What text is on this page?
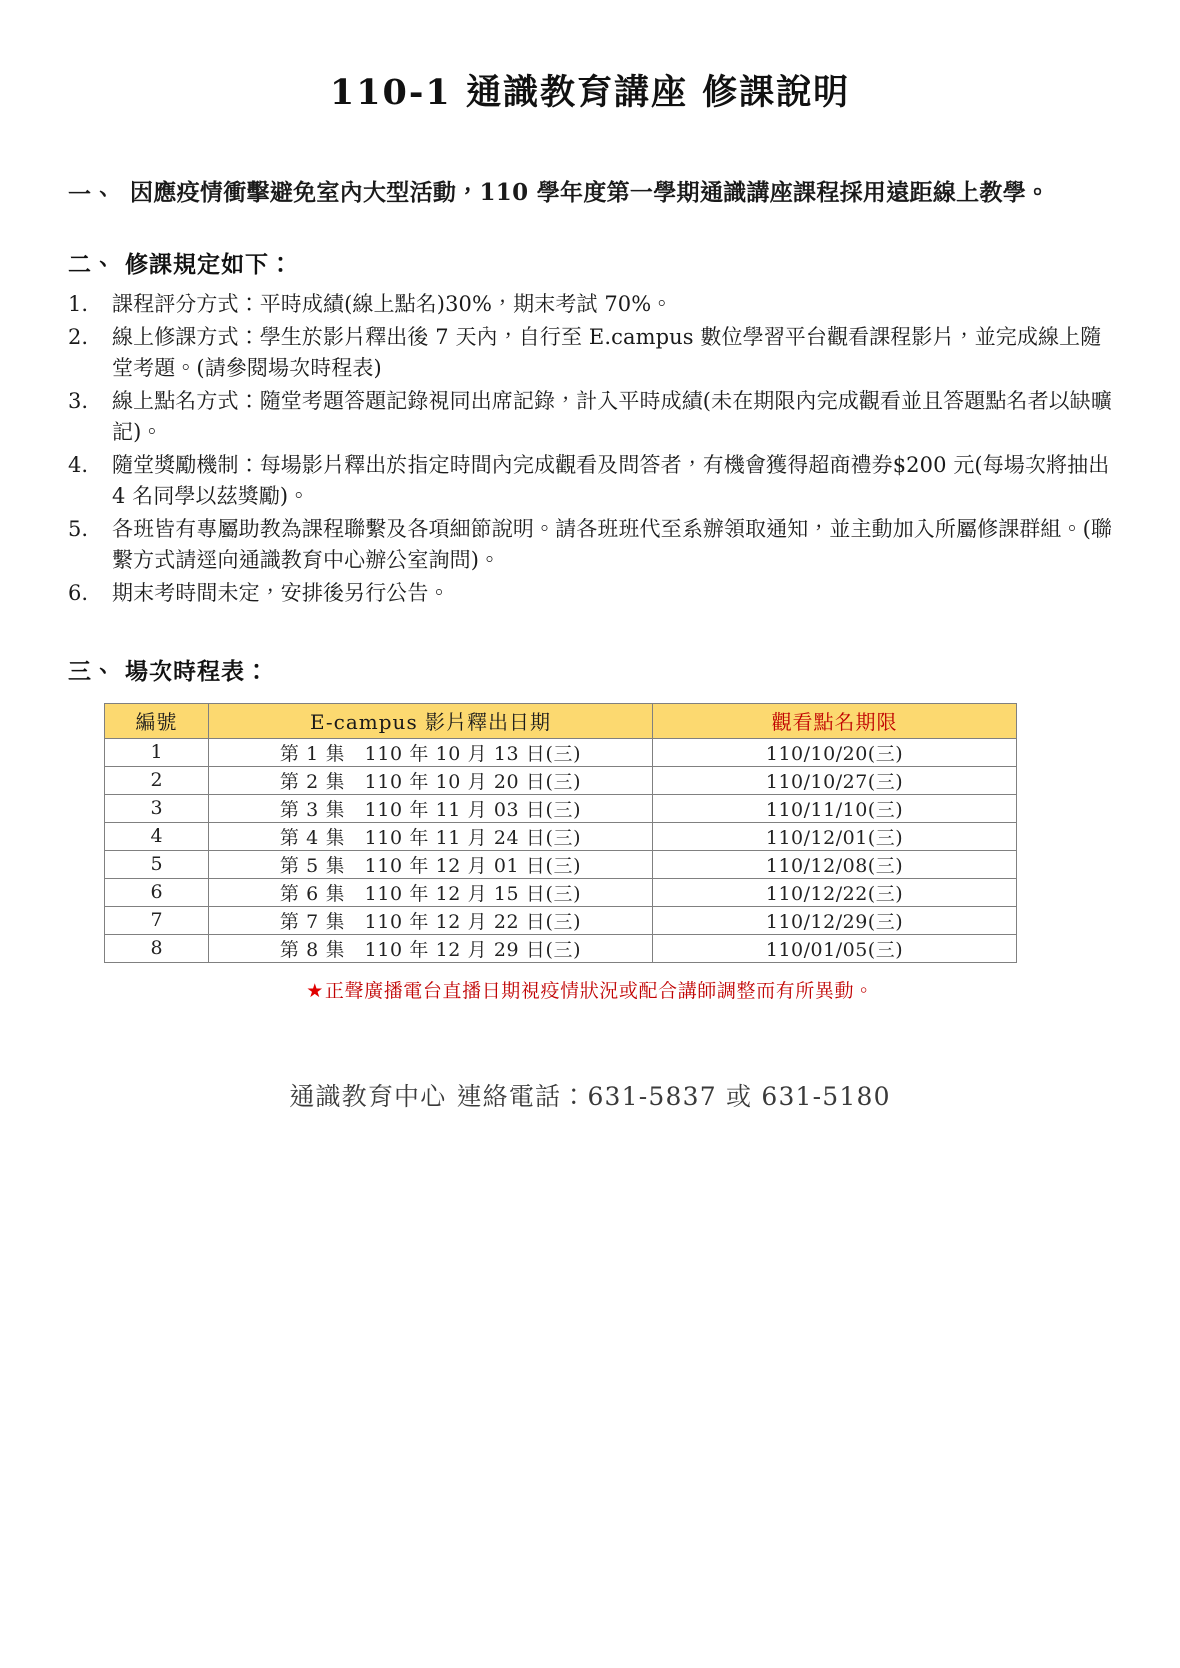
110-1 通識教育講座 修課說明
一、 因應疫情衝擊避免室內大型活動，110 學年度第一學期通識講座課程採用遠距線上教學。
二、 修課規定如下：
1.	課程評分方式：平時成績(線上點名)30%，期末考試 70%。
2.	線上修課方式：學生於影片釋出後 7 天內，自行至 E.campus 數位學習平台觀看課程影片，並完成線上隨堂考題。(請參閱場次時程表)
3.	線上點名方式：隨堂考題答題記錄視同出席記錄，計入平時成績(未在期限內完成觀看並且答題點名者以缺曠記)。
4.	隨堂獎勵機制：每場影片釋出於指定時間內完成觀看及問答者，有機會獲得超商禮券$200 元(每場次將抽出 4 名同學以茲獎勵)。
5.	各班皆有專屬助教為課程聯繫及各項細節說明。請各班班代至系辦領取通知，並主動加入所屬修課群組。(聯繫方式請逕向通識教育中心辦公室詢問)。
6.	期末考時間未定，安排後另行公告。
三、 場次時程表：
編號	E-campus 影片釋出日期	觀看點名期限
1	第 1 集　110 年 10 月 13 日(三)	110/10/20(三)
2	第 2 集　110 年 10 月 20 日(三)	110/10/27(三)
3	第 3 集　110 年 11 月 03 日(三)	110/11/10(三)
4	第 4 集　110 年 11 月 24 日(三)	110/12/01(三)
5	第 5 集　110 年 12 月 01 日(三)	110/12/08(三)
6	第 6 集　110 年 12 月 15 日(三)	110/12/22(三)
7	第 7 集　110 年 12 月 22 日(三)	110/12/29(三)
8	第 8 集　110 年 12 月 29 日(三)	110/01/05(三)
★正聲廣播電台直播日期視疫情狀況或配合講師調整而有所異動。
通識教育中心 連絡電話：631-5837 或 631-5180
